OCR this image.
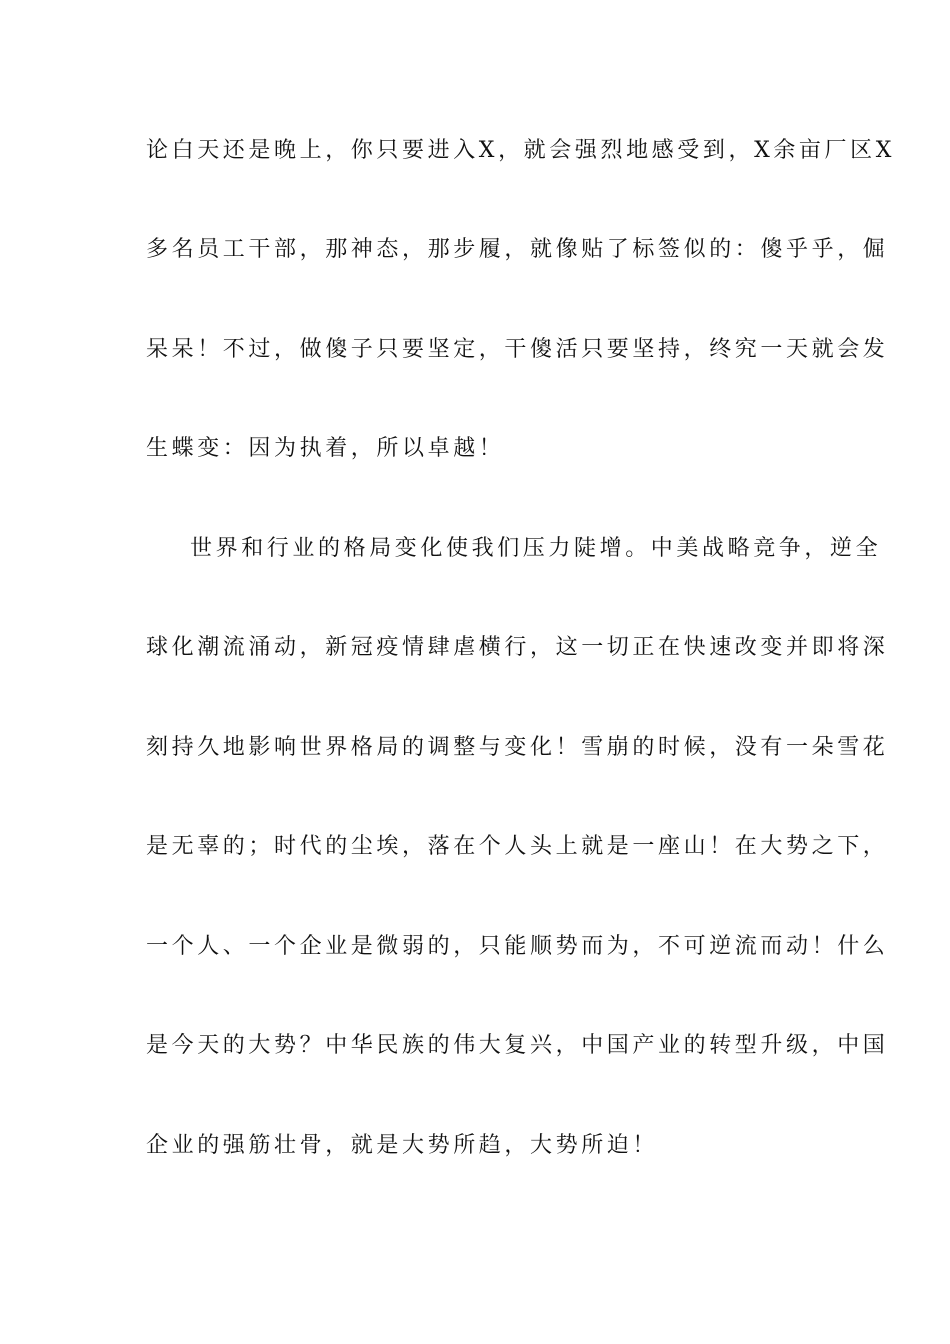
论白天还是晚上，你只要进入X，就会强烈地感受到，X余亩厂区X
多名员工干部，那神态，那步履，就像贴了标签似的：傻乎乎，倔
呆呆！不过，做傻子只要坚定，干傻活只要坚持，终究一天就会发
生蝶变：因为执着，所以卓越！
世界和行业的格局变化使我们压力陡增。中美战略竞争，逆全
球化潮流涌动，新冠疫情肆虐横行，这一切正在快速改变并即将深
刻持久地影响世界格局的调整与变化！雪崩的时候，没有一朵雪花
是无辜的；时代的尘埃，落在个人头上就是一座山！在大势之下，
一个人、一个企业是微弱的，只能顺势而为，不可逆流而动！什么
是今天的大势？中华民族的伟大复兴，中国产业的转型升级，中国
企业的强筋壮骨，就是大势所趋，大势所迫！
